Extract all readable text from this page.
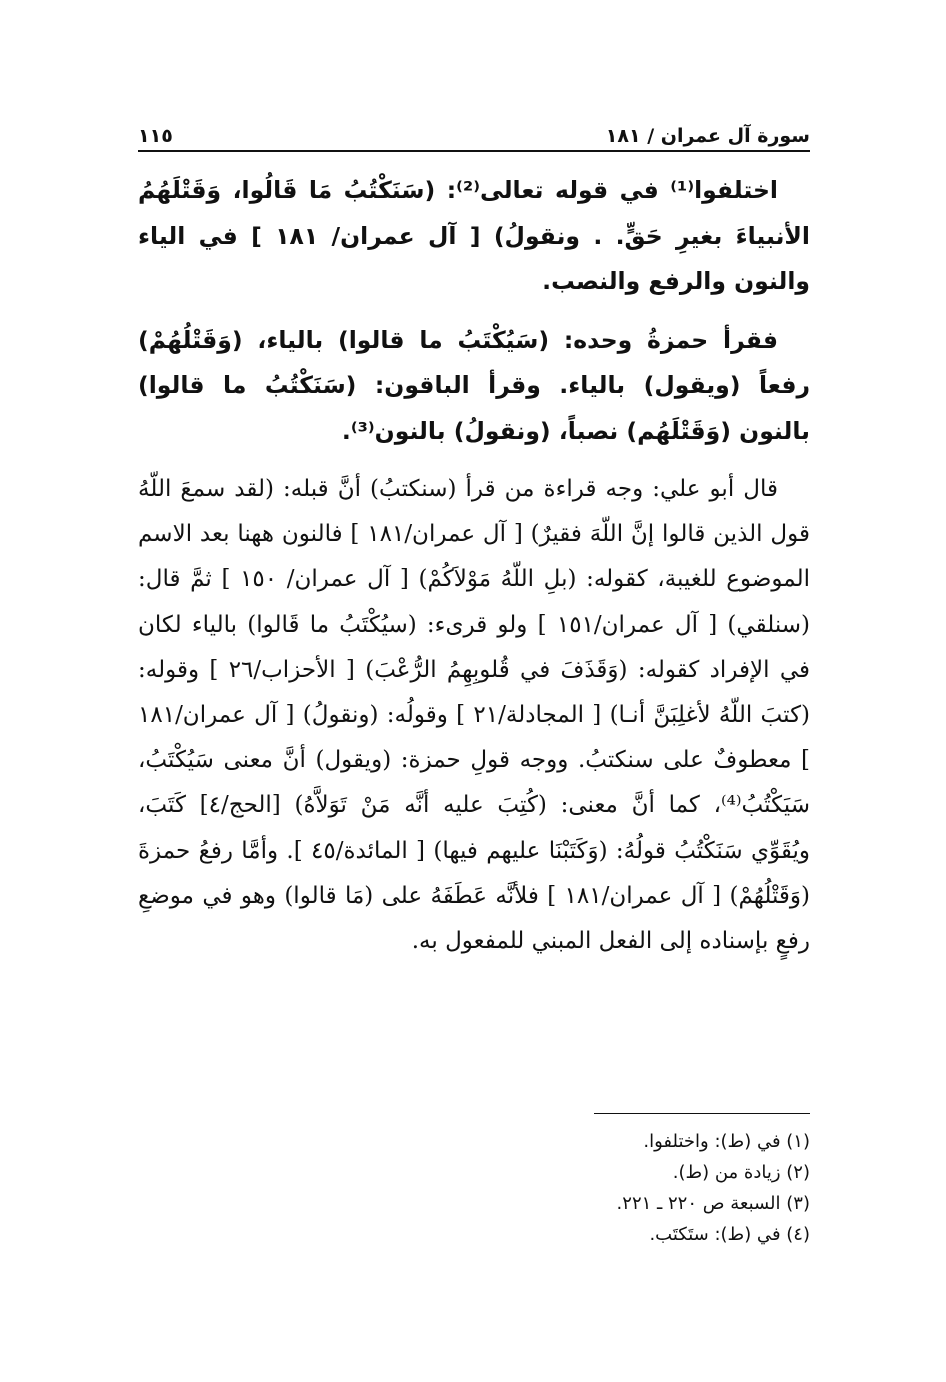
سورة آل عمران / ١٨١
١١٥

اختلفوا⁽¹⁾ في قوله تعالى⁽²⁾: (سَنَكْتُبُ مَا قَالُوا، وَقَتْلَهُمُ الأنبياءَ بغيرِ حَقٍّ. . ونقولُ) [ آل عمران/ ١٨١ ] في الياء والنون والرفع والنصب.

فقرأ حمزةُ وحده: (سَيُكْتَبُ ما قالوا) بالياء، (وَقَتْلُهُمْ) رفعاً (ويقول) بالياء. وقرأ الباقون: (سَنَكْتُبُ ما قالوا) بالنون (وَقَتْلَهُم) نصباً، (ونقولُ) بالنون⁽³⁾.

قال أبو علي: وجه قراءة من قرأ (سنكتبُ) أنَّ قبله: (لقد سمعَ اللّهُ قول الذين قالوا إنَّ اللّهَ فقيرٌ) [ آل عمران/١٨١ ] فالنون ههنا بعد الاسم الموضوع للغيبة، كقوله: (بلِ اللّهُ مَوْلاَكُمْ) [ آل عمران/ ١٥٠ ] ثمَّ قال: (سنلقي) [ آل عمران/١٥١ ] ولو قرىء: (سيُكْتَبُ ما قَالوا) بالياء لكان في الإفراد كقوله: (وَقَذَفَ في قُلوبِهِمُ الرُّعْبَ) [ الأحزاب/٢٦ ] وقوله: (كتبَ اللّهُ لأغلِبَنَّ أنـا) [ المجادلة/٢١ ] وقولُه: (ونقولُ) [ آل عمران/١٨١ ] معطوفٌ على سنكتبُ. ووجه قولِ حمزة: (ويقول) أنَّ معنى سَيُكْتَبُ، سَيَكْتُبُ⁽⁴⁾، كما أنَّ معنى: (كُتِبَ عليه أنَّه مَنْ تَوَلاَّهُ) [الحج/٤] كَتَبَ، ويُقَوِّي سَنَكْتُبُ قولُهُ: (وَكَتَبْنَا عليهم فيها) [ المائدة/٤٥ ]. وأمَّا رفعُ حمزةَ (وَقَتْلُهُمْ) [ آل عمران/١٨١ ] فلأنَّه عَطَفَهُ على (مَا قالوا) وهو في موضعِ رفعٍ بإسناده إلى الفعل المبني للمفعول به.

(١) في (ط): واختلفوا.

(٢) زيادة من (ط).

(٣) السبعة ص ٢٢٠ ـ ٢٢١.

(٤) في (ط): ستَكتَب.
